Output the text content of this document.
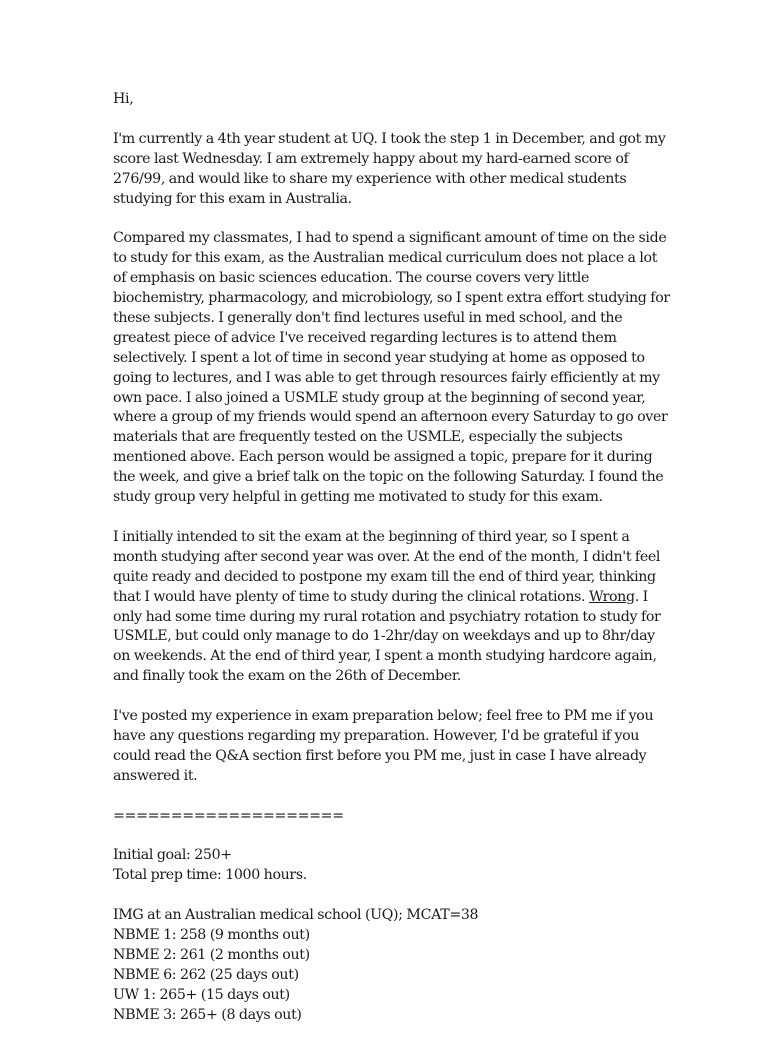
Hi,

I'm currently a 4th year student at UQ. I took the step 1 in December, and got my score last Wednesday. I am extremely happy about my hard-earned score of 276/99, and would like to share my experience with other medical students studying for this exam in Australia.

Compared my classmates, I had to spend a significant amount of time on the side to study for this exam, as the Australian medical curriculum does not place a lot of emphasis on basic sciences education. The course covers very little biochemistry, pharmacology, and microbiology, so I spent extra effort studying for these subjects. I generally don't find lectures useful in med school, and the greatest piece of advice I've received regarding lectures is to attend them selectively. I spent a lot of time in second year studying at home as opposed to going to lectures, and I was able to get through resources fairly efficiently at my own pace. I also joined a USMLE study group at the beginning of second year, where a group of my friends would spend an afternoon every Saturday to go over materials that are frequently tested on the USMLE, especially the subjects mentioned above. Each person would be assigned a topic, prepare for it during the week, and give a brief talk on the topic on the following Saturday. I found the study group very helpful in getting me motivated to study for this exam.

I initially intended to sit the exam at the beginning of third year, so I spent a month studying after second year was over. At the end of the month, I didn't feel quite ready and decided to postpone my exam till the end of third year, thinking that I would have plenty of time to study during the clinical rotations. Wrong. I only had some time during my rural rotation and psychiatry rotation to study for USMLE, but could only manage to do 1-2hr/day on weekdays and up to 8hr/day on weekends. At the end of third year, I spent a month studying hardcore again, and finally took the exam on the 26th of December.

I've posted my experience in exam preparation below; feel free to PM me if you have any questions regarding my preparation. However, I'd be grateful if you could read the Q&A section first before you PM me, just in case I have already answered it.

====================

Initial goal: 250+
Total prep time: 1000 hours.
IMG at an Australian medical school (UQ); MCAT=38
NBME 1: 258 (9 months out)
NBME 2: 261 (2 months out)
NBME 6: 262 (25 days out)
UW 1: 265+ (15 days out)
NBME 3: 265+ (8 days out)
